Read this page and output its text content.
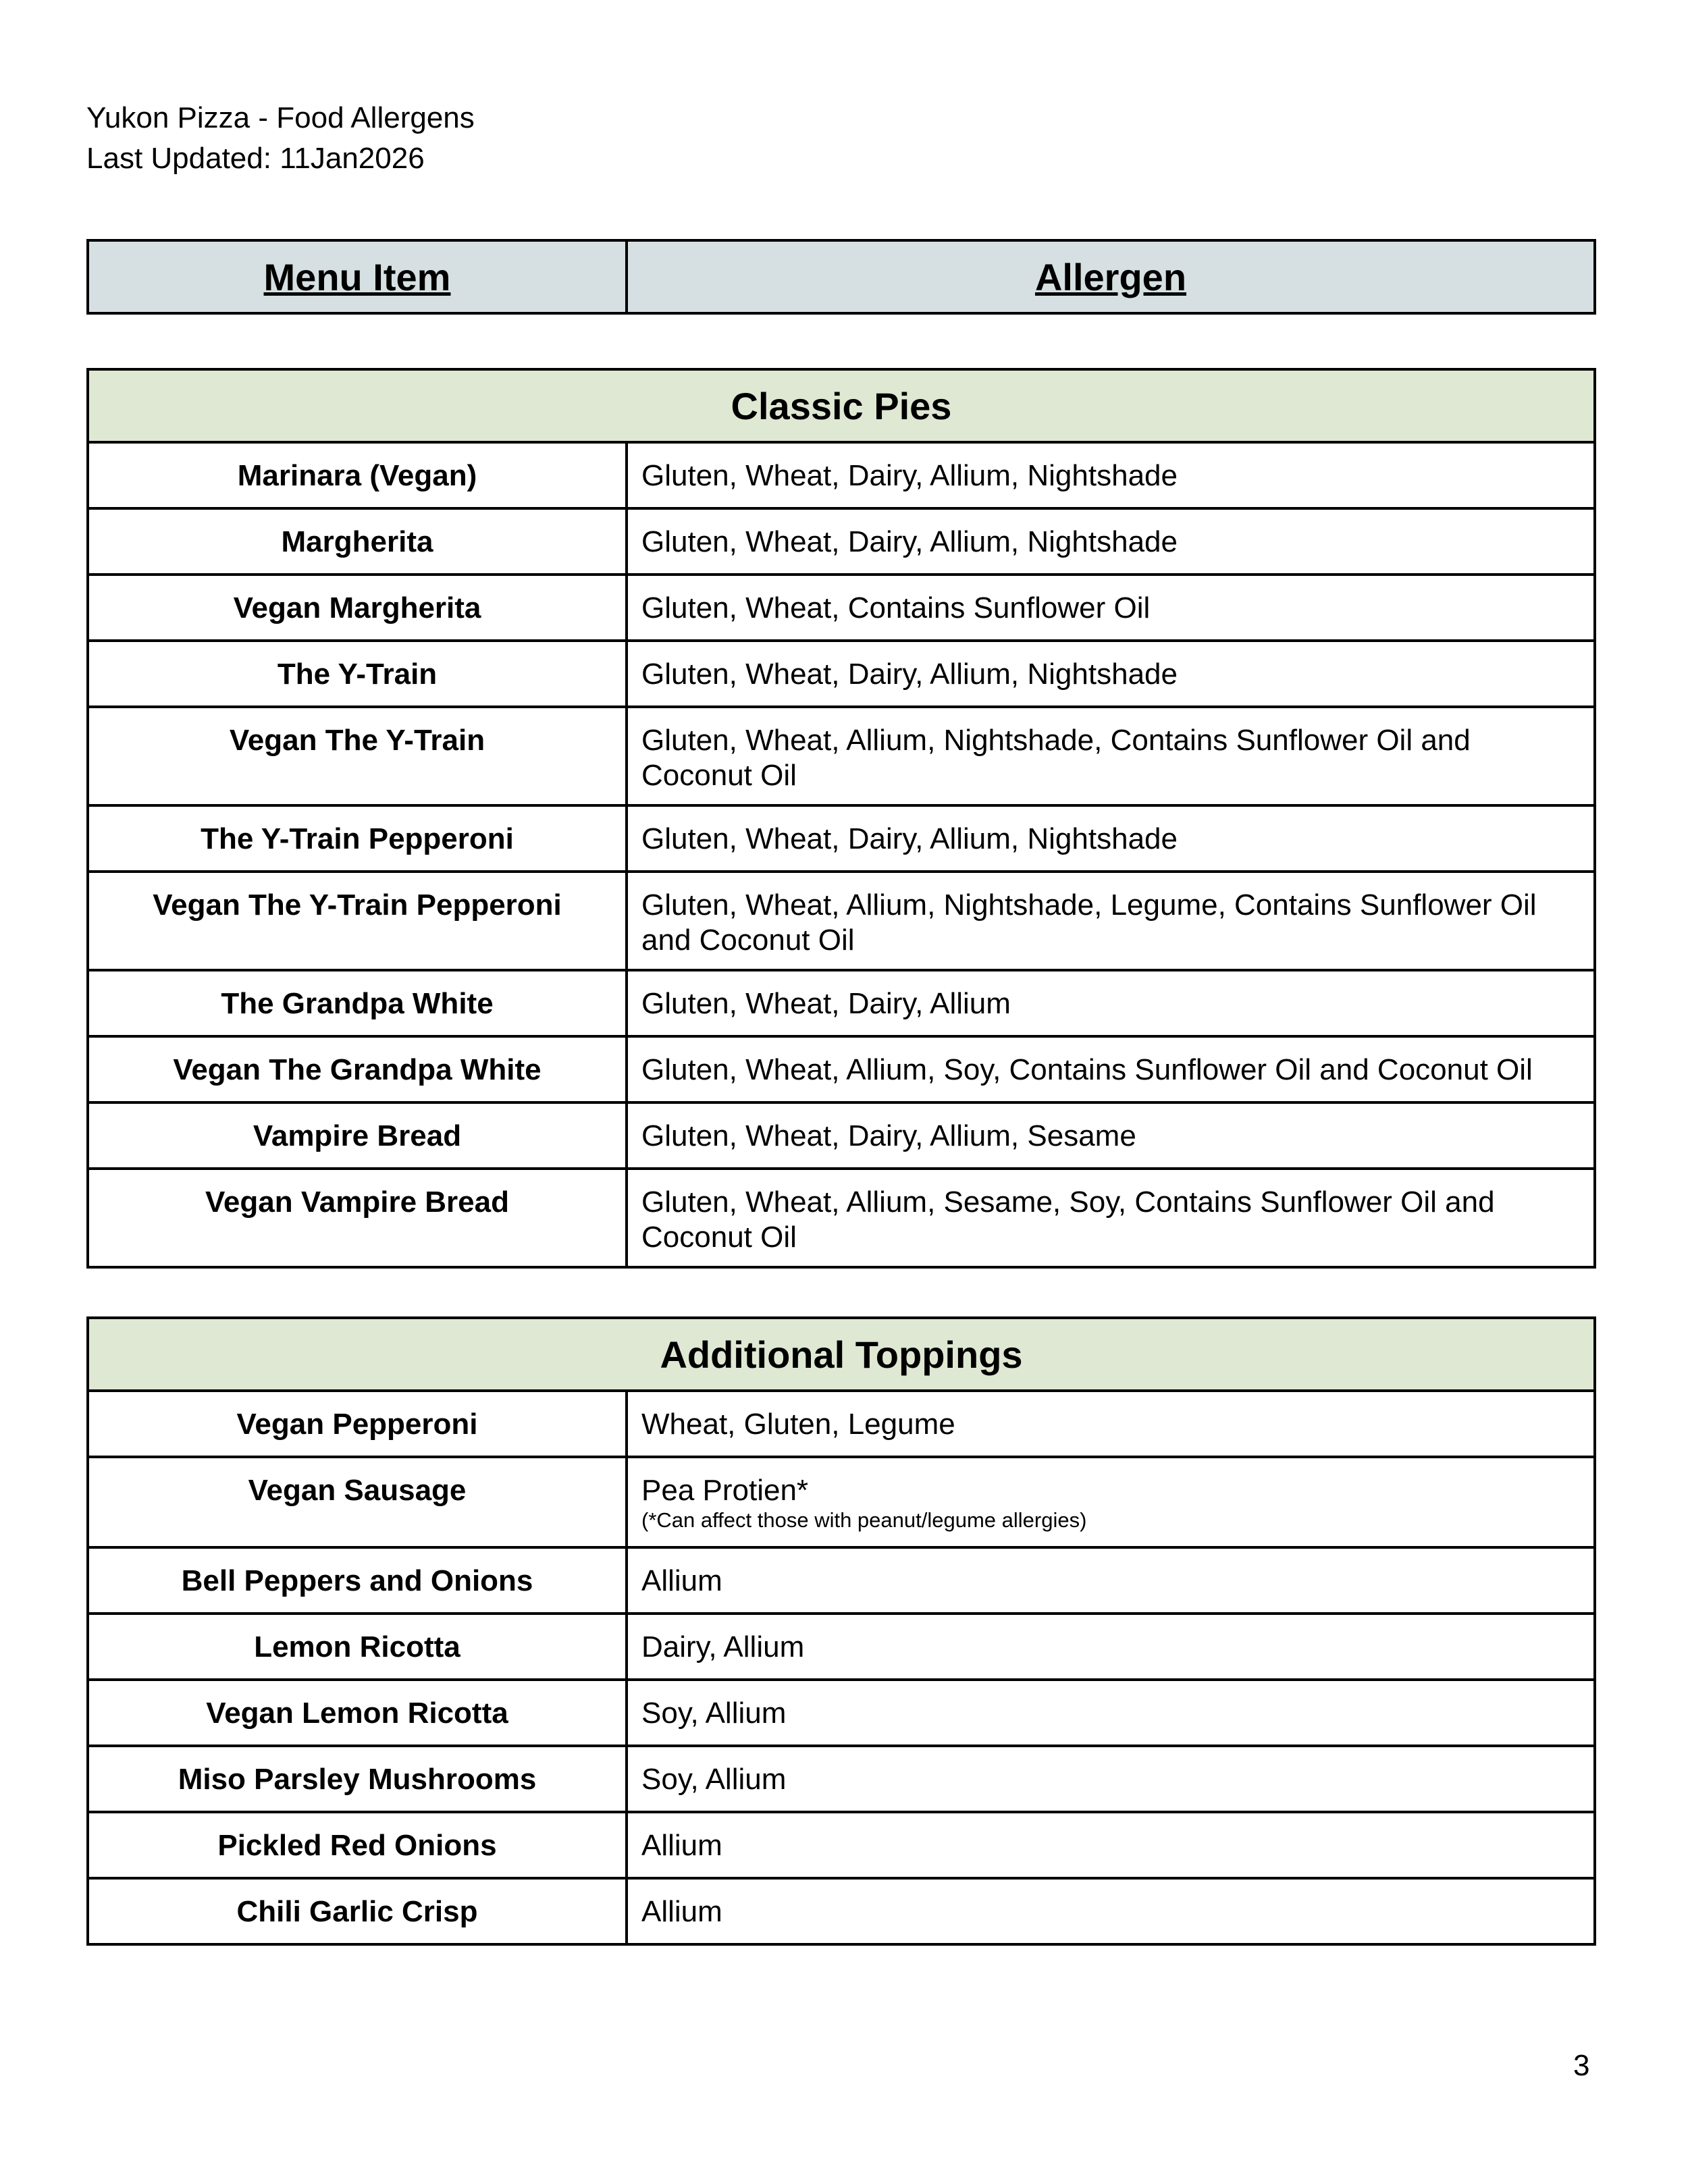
Yukon Pizza - Food Allergens
Last Updated: 11Jan2026
Menu Item	Allergen
Classic Pies	
Marinara (Vegan)	Gluten, Wheat, Dairy, Allium, Nightshade
Margherita	Gluten, Wheat, Dairy, Allium, Nightshade
Vegan Margherita	Gluten, Wheat, Contains Sunflower Oil
The Y-Train	Gluten, Wheat, Dairy, Allium, Nightshade
Vegan The Y-Train	Gluten, Wheat, Allium, Nightshade, Contains Sunflower Oil and Coconut Oil
The Y-Train Pepperoni	Gluten, Wheat, Dairy, Allium, Nightshade
Vegan The Y-Train Pepperoni	Gluten, Wheat, Allium, Nightshade, Legume, Contains Sunflower Oil and Coconut Oil
The Grandpa White	Gluten, Wheat, Dairy, Allium
Vegan The Grandpa White	Gluten, Wheat, Allium, Soy, Contains Sunflower Oil and Coconut Oil
Vampire Bread	Gluten, Wheat, Dairy, Allium, Sesame
Vegan Vampire Bread	Gluten, Wheat, Allium, Sesame, Soy, Contains Sunflower Oil and Coconut Oil
Additional Toppings	
Vegan Pepperoni	Wheat, Gluten, Legume
Vegan Sausage	Pea Protien*
(*Can affect those with peanut/legume allergies)

Bell Peppers and Onions	Allium
Lemon Ricotta	Dairy, Allium
Vegan Lemon Ricotta	Soy, Allium
Miso Parsley Mushrooms	Soy, Allium
Pickled Red Onions	Allium
Chili Garlic Crisp	Allium
3
